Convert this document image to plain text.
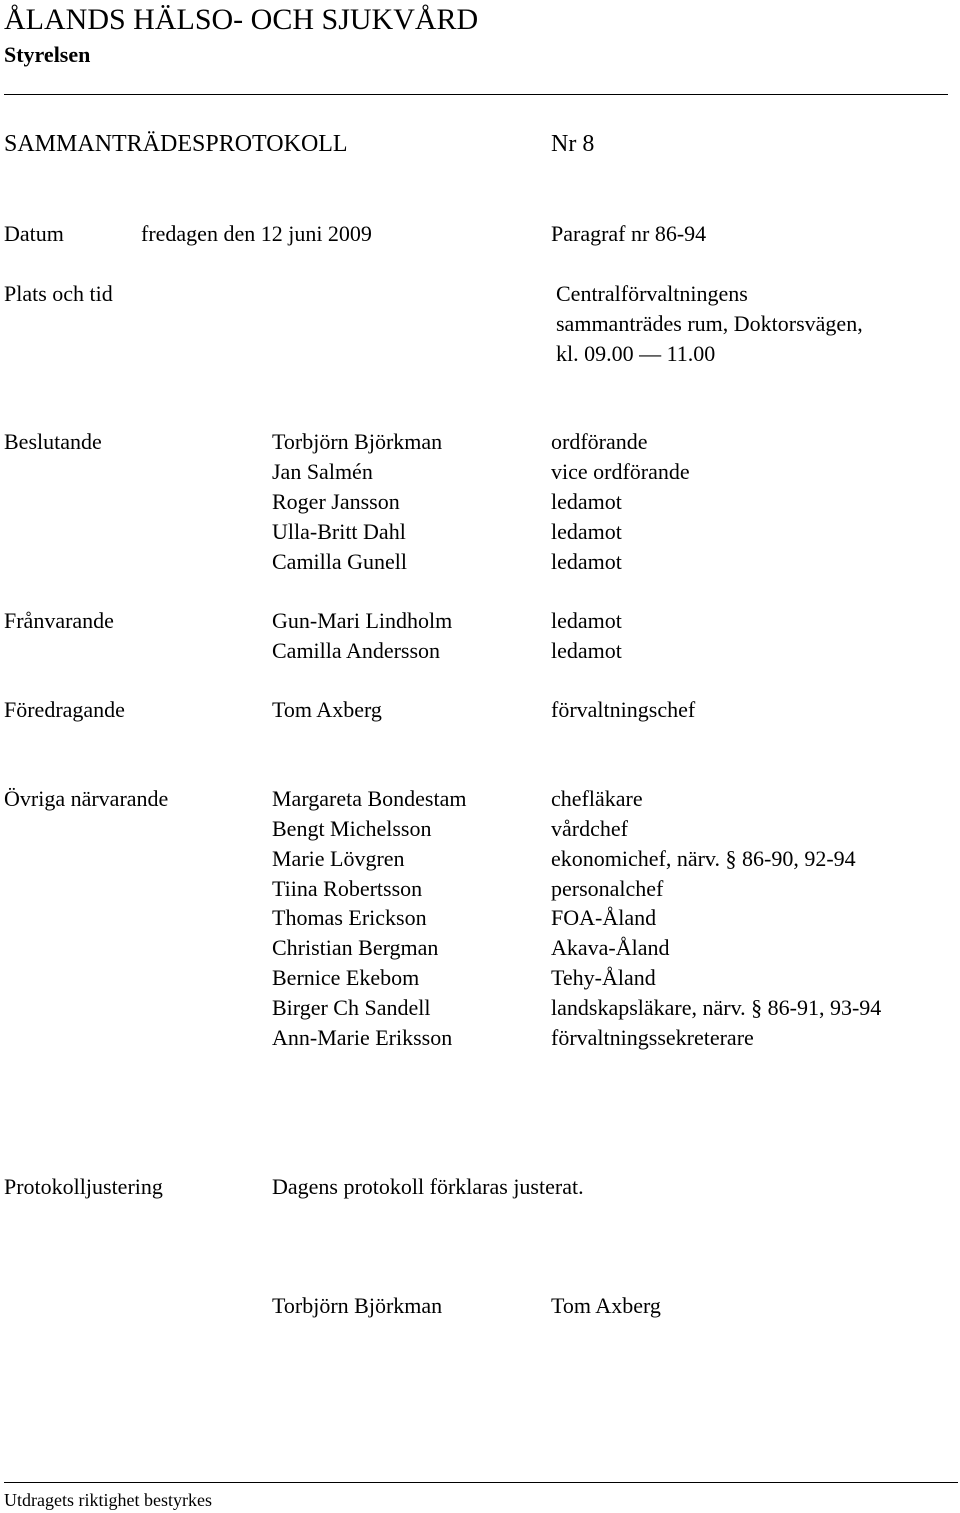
ÅLANDS HÄLSO- OCH SJUKVÅRD
Styrelsen
SAMMANTRÄDESPROTOKOLL	Nr 8
Datum	fredagen den 12 juni 2009	Paragraf nr 86-94
Plats och tid	Centralförvaltningens
sammanträdes rum, Doktorsvägen,
kl. 09.00 — 11.00
Beslutande	Torbjörn Björkman	ordförande
Jan Salmén	vice ordförande
Roger Jansson	ledamot
Ulla-Britt Dahl	ledamot
Camilla Gunell	ledamot
Frånvarande	Gun-Mari Lindholm	ledamot
Camilla Andersson	ledamot
Föredragande	Tom Axberg	förvaltningschef
Övriga närvarande	Margareta Bondestam	chefläkare
Bengt Michelsson	vårdchef
Marie Lövgren	ekonomichef, närv. § 86-90, 92-94
Tiina Robertsson	personalchef
Thomas Erickson	FOA-Åland
Christian Bergman	Akava-Åland
Bernice Ekebom	Tehy-Åland
Birger Ch Sandell	landskapsläkare, närv. § 86-91, 93-94
Ann-Marie Eriksson	förvaltningssekreterare
Protokolljustering	Dagens protokoll förklaras justerat.
Torbjörn Björkman	Tom Axberg
Utdragets riktighet bestyrkes
